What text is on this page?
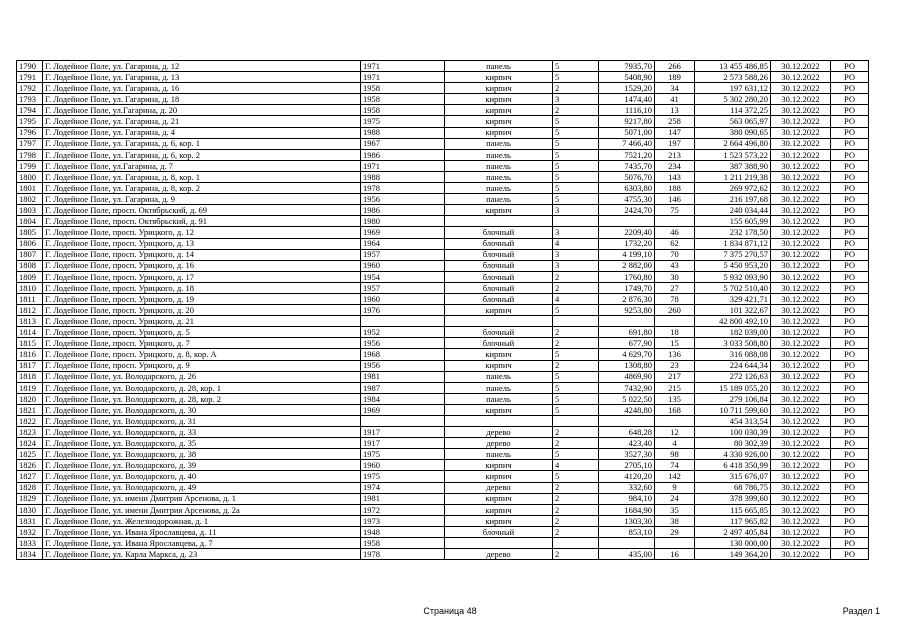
1790	Г. Лодейное Поле, ул. Гагарина, д. 12	1971	панель	5	7935,70	266	13 455 486,85	30.12.2022	РО
1791	Г. Лодейное Поле, ул. Гагарина, д. 13	1971	кирпич	5	5408,90	189	2 573 588,26	30.12.2022	РО
1792	Г. Лодейное Поле, ул. Гагарина, д. 16	1958	кирпич	2	1529,20	34	197 631,12	30.12.2022	РО
1793	Г. Лодейное Поле, ул. Гагарина, д. 18	1958	кирпич	3	1474,40	41	5 302 280,20	30.12.2022	РО
1794	Г. Лодейное Поле, ул.Гагарина, д. 20	1958	кирпич	2	1116,10	13	114 372,25	30.12.2022	РО
1795	Г. Лодейное Поле, ул. Гагарина, д. 21	1975	кирпич	5	9217,80	258	563 065,97	30.12.2022	РО
1796	Г. Лодейное Поле, ул. Гагарина, д. 4	1988	кирпич	5	5071,00	147	380 090,65	30.12.2022	РО
1797	Г. Лодейное Поле, ул. Гагарина, д. 6, кор. 1	1967	панель	5	7 466,40	197	2 664 496,80	30.12.2022	РО
1798	Г. Лодейное Поле, ул. Гагарина, д. 6, кор. 2	1986	панель	5	7521,20	213	1 523 573,22	30.12.2022	РО
1799	Г. Лодейное Поле, ул.Гагарина, д. 7	1971	панель	5	7435,70	234	387 388,90	30.12.2022	РО
1800	Г. Лодейное Поле, ул. Гагарина, д. 8, кор. 1	1988	панель	5	5076,70	143	1 211 219,38	30.12.2022	РО
1801	Г. Лодейное Поле, ул. Гагарина, д. 8, кор. 2	1978	панель	5	6303,80	188	269 972,62	30.12.2022	РО
1802	Г. Лодейное Поле, ул. Гагарина, д. 9	1956	панель	5	4755,30	146	216 197,68	30.12.2022	РО
1803	Г. Лодейное Поле, просп. Октябрьский, д. 69	1986	кирпич	3	2424,70	75	240 034,44	30.12.2022	РО
1804	Г. Лодейное Поле, просп. Октябрьский, д. 91	1980					155 605,99	30.12.2022	РО
1805	Г. Лодейное Поле, просп. Урицкого, д. 12	1969	блочный	3	2209,40	46	232 178,50	30.12.2022	РО
1806	Г. Лодейное Поле, просп. Урицкого, д. 13	1964	блочный	4	1732,20	62	1 834 871,12	30.12.2022	РО
1807	Г. Лодейное Поле, просп. Урицкого, д. 14	1957	блочный	3	4 199,10	70	7 375 270,57	30.12.2022	РО
1808	Г. Лодейное Поле, просп. Урицкого, д. 16	1960	блочный	3	2 882,00	43	5 450 953,20	30.12.2022	РО
1809	Г. Лодейное Поле, просп. Урицкого, д. 17	1954	блочный	2	1760,80	30	5 932 093,90	30.12.2022	РО
1810	Г. Лодейное Поле, просп. Урицкого, д. 18	1957	блочный	2	1749,70	27	5 702 510,40	30.12.2022	РО
1811	Г. Лодейное Поле, просп. Урицкого, д. 19	1960	блочный	4	2 876,30	78	329 421,71	30.12.2022	РО
1812	Г. Лодейное Поле, просп. Урицкого, д. 20	1976	кирпич	5	9253,80	260	101 322,67	30.12.2022	РО
1813	Г. Лодейное Поле, просп. Урицкого, д. 21						42 800 492,10	30.12.2022	РО
1814	Г. Лодейное Поле, просп. Урицкого, д. 5	1952	блочный	2	691,80	18	182 039,00	30.12.2022	РО
1815	Г. Лодейное Поле, просп. Урицкого, д. 7	1956	блочный	2	677,90	15	3 033 508,80	30.12.2022	РО
1816	Г. Лодейное Поле, просп. Урицкого, д. 8, кор. А	1968	кирпич	5	4 629,70	136	316 088,08	30.12.2022	РО
1817	Г. Лодейное Поле, просп. Урицкого, д. 9	1956	кирпич	2	1308,80	23	224 644,34	30.12.2022	РО
1818	Г. Лодейное Поле, ул. Володарского, д. 26	1981	панель	5	4869,90	217	272 126,63	30.12.2022	РО
1819	Г. Лодейное Поле, ул. Володарского, д. 28, кор. 1	1987	панель	5	7432,90	215	15 189 055,20	30.12.2022	РО
1820	Г. Лодейное Поле, ул. Володарского, д. 28, кор. 2	1984	панель	5	5 022,50	135	279 106,84	30.12.2022	РО
1821	Г. Лодейное Поле, ул. Володарского, д. 30	1969	кирпич	5	4248,80	168	10 711 599,60	30.12.2022	РО
1822	Г. Лодейное Поле, ул. Володарского, д. 31						454 313,54	30.12.2022	РО
1823	Г. Лодейное Поле, ул. Володарского, д. 33	1917	дерево	2	648,28	12	100 030,39	30.12.2022	РО
1824	Г. Лодейное Поле, ул. Володарского, д. 35	1917	дерево	2	423,40	4	80 302,39	30.12.2022	РО
1825	Г. Лодейное Поле, ул. Володарского, д. 38	1975	панель	5	3527,30	98	4 330 926,00	30.12.2022	РО
1826	Г. Лодейное Поле, ул. Володарского, д. 39	1960	кирпич	4	2705,10	74	6 418 350,99	30.12.2022	РО
1827	Г. Лодейное Поле, ул. Володарского, д. 40	1975	кирпич	5	4120,20	142	315 676,07	30.12.2022	РО
1828	Г. Лодейное Поле, ул. Володарского, д. 49	1974	дерево	2	332,60	9	68 786,75	30.12.2022	РО
1829	Г. Лодейное Поле, ул. имени Дмитрия Арсенова, д. 1	1981	кирпич	2	984,10	24	378 399,60	30.12.2022	РО
1830	Г. Лодейное Поле, ул. имени Дмитрия Арсенова, д. 2а	1972	кирпич	2	1684,90	35	115 665,85	30.12.2022	РО
1831	Г. Лодейное Поле, ул. Железнодорожная, д. 1	1973	кирпич	2	1303,30	38	117 965,82	30.12.2022	РО
1832	Г. Лодейное Поле, ул. Ивана Ярославцева, д. 11	1948	блочный	2	853,10	29	2 497 405,84	30.12.2022	РО
1833	Г. Лодейное Поле, ул. Ивана Ярославцева, д. 7	1958					130 000,00	30.12.2022	РО
1834	Г. Лодейное Поле, ул. Карла Маркса, д. 23	1978	дерево	2	435,00	16	149 364,20	30.12.2022	РО
Страница 48	Раздел 1
